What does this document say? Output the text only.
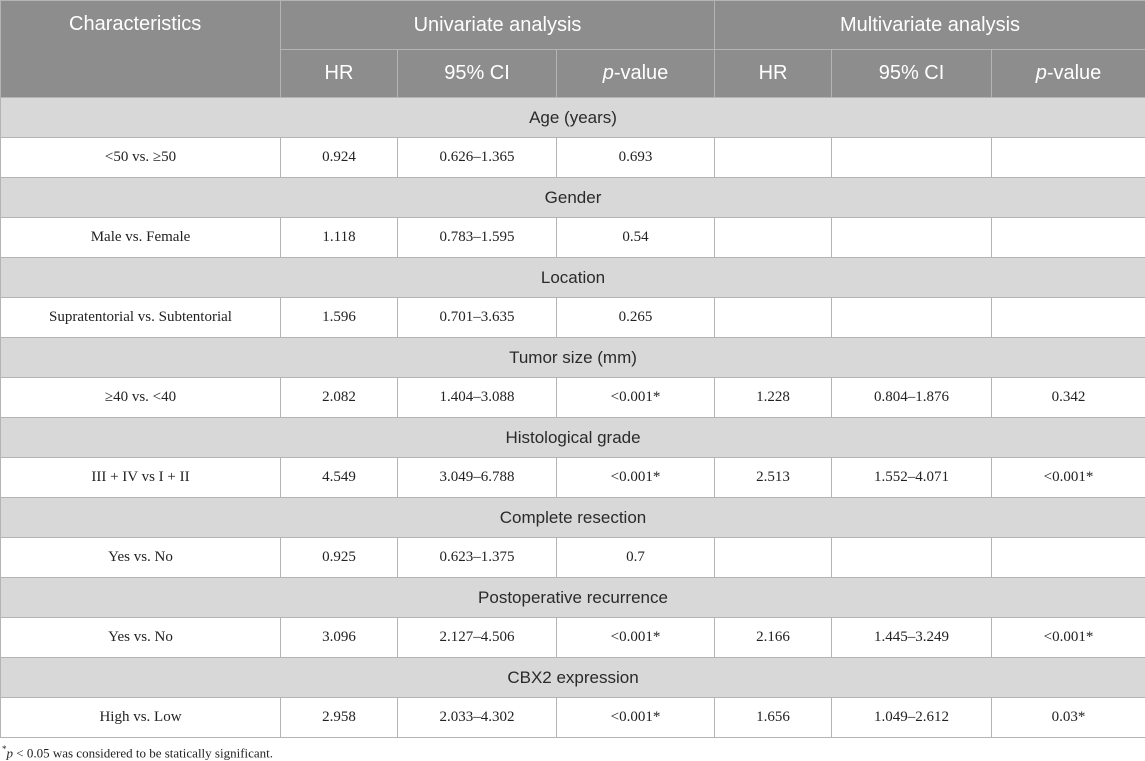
Characteristics	Univariate analysis			Multivariate analysis		
	HR	95% CI	p-value	HR	95% CI	p-value
Age (years)						
<50 vs. ≥50	0.924	0.626–1.365	0.693			
Gender						
Male vs. Female	1.118	0.783–1.595	0.54			
Location						
Supratentorial vs. Subtentorial	1.596	0.701–3.635	0.265			
Tumor size (mm)						
≥40 vs. <40	2.082	1.404–3.088	<0.001*	1.228	0.804–1.876	0.342
Histological grade						
III + IV vs I + II	4.549	3.049–6.788	<0.001*	2.513	1.552–4.071	<0.001*
Complete resection						
Yes vs. No	0.925	0.623–1.375	0.7			
Postoperative recurrence						
Yes vs. No	3.096	2.127–4.506	<0.001*	2.166	1.445–3.249	<0.001*
CBX2 expression						
High vs. Low	2.958	2.033–4.302	<0.001*	1.656	1.049–2.612	0.03*
*p < 0.05 was considered to be statically significant.
